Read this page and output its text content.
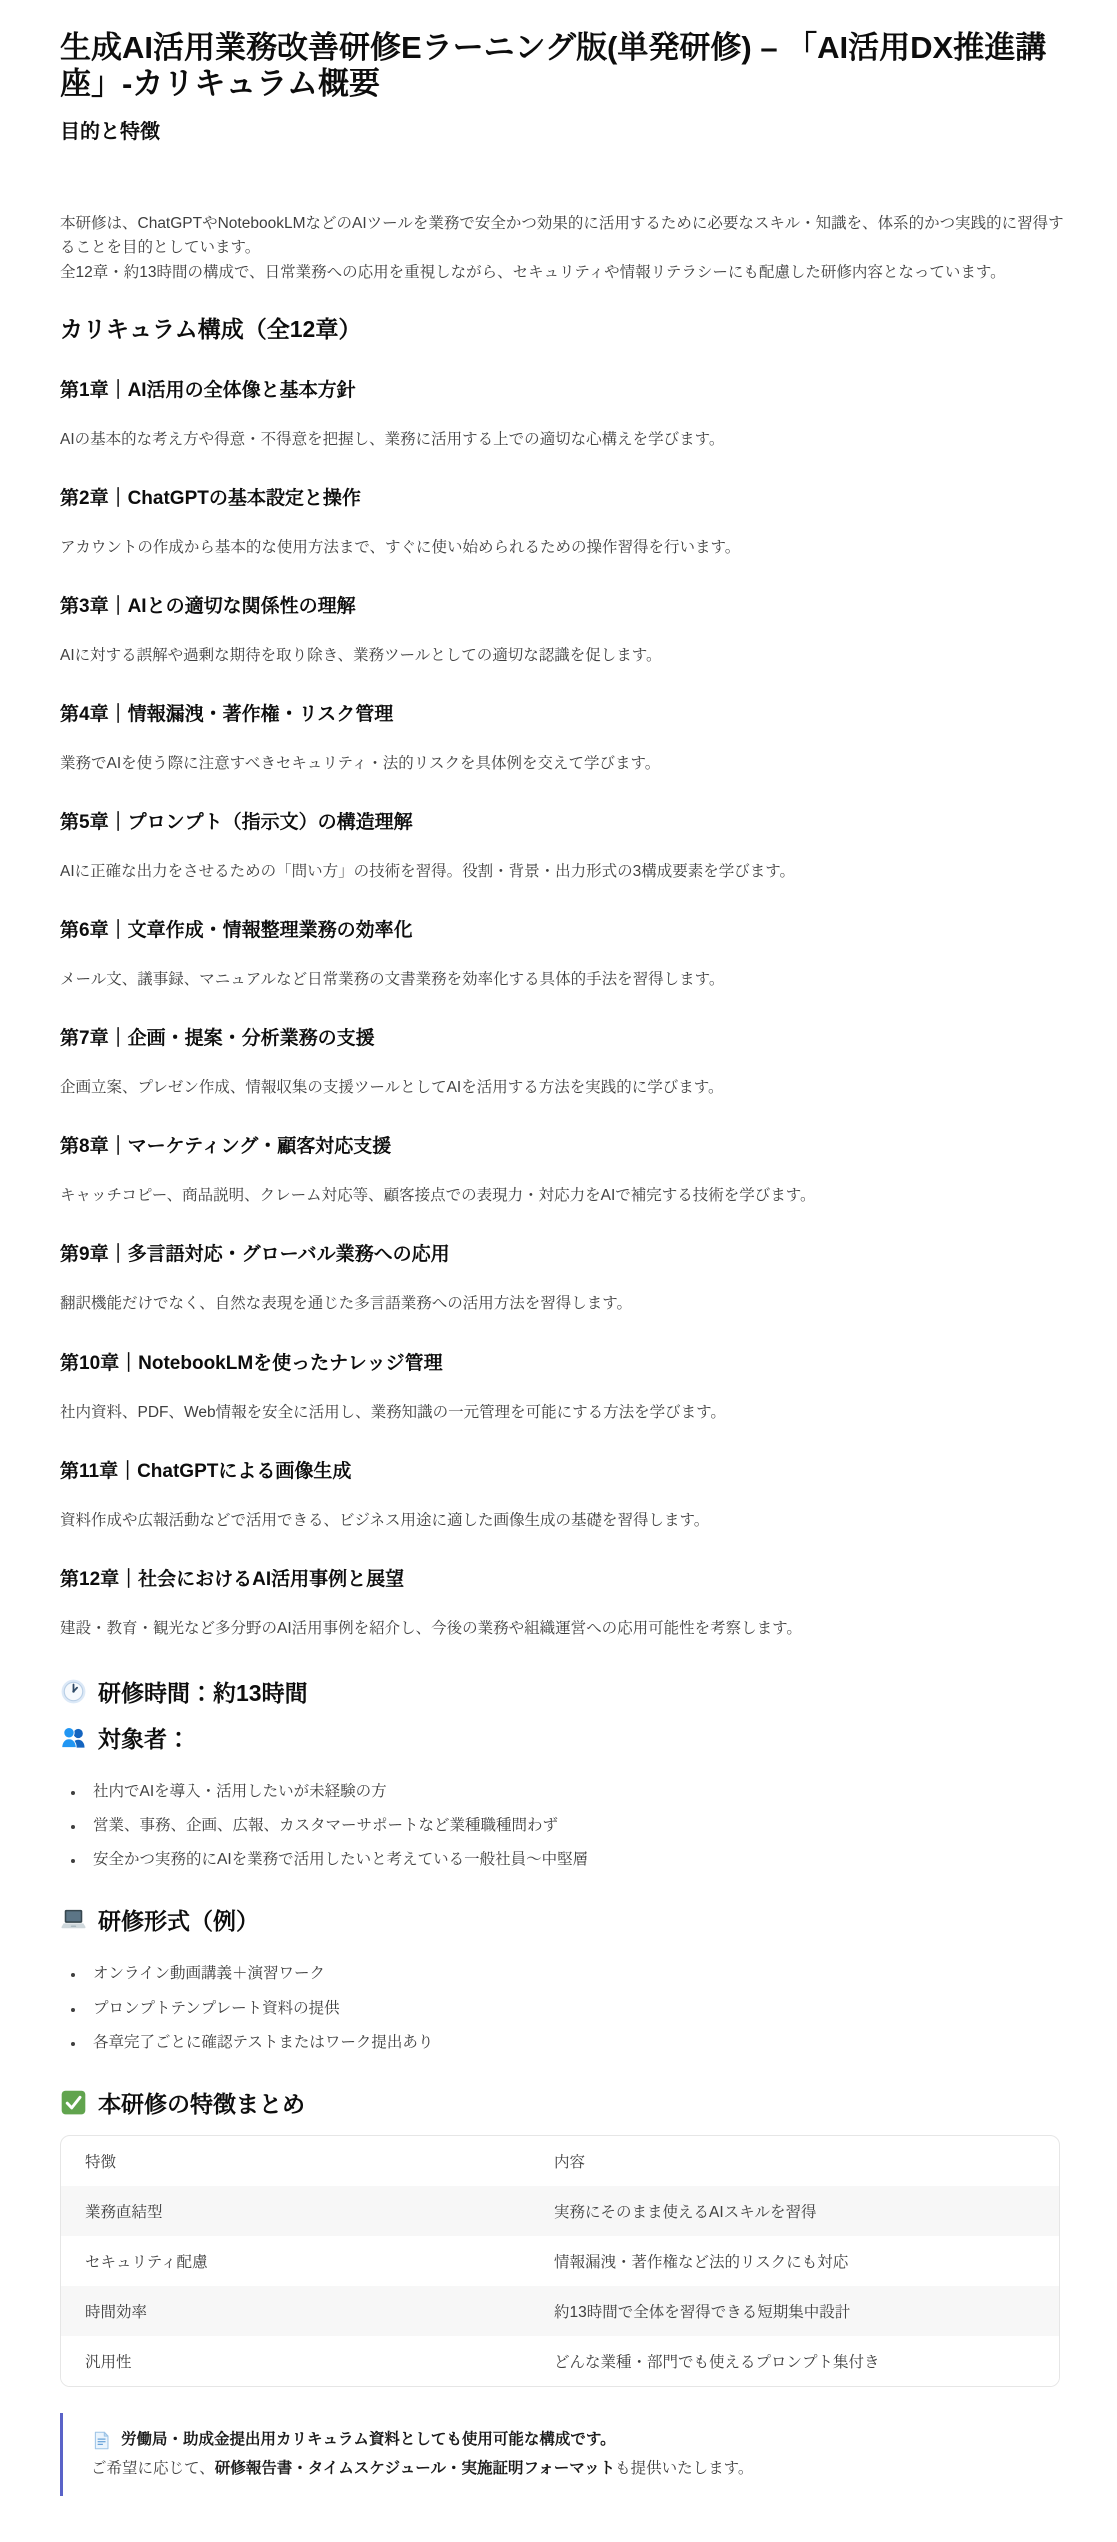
生成AI活用業務改善研修Eラーニング版(単発研修) – 「AI活用DX推進講座」-カリキュラム概要
目的と特徴
本研修は、ChatGPTやNotebookLMなどのAIツールを業務で安全かつ効果的に活用するために必要なスキル・知識を、体系的かつ実践的に習得することを目的としています。
全12章・約13時間の構成で、日常業務への応用を重視しながら、セキュリティや情報リテラシーにも配慮した研修内容となっています。
カリキュラム構成（全12章）
第1章｜AI活用の全体像と基本方針

AIの基本的な考え方や得意・不得意を把握し、業務に活用する上での適切な心構えを学びます。

第2章｜ChatGPTの基本設定と操作

アカウントの作成から基本的な使用方法まで、すぐに使い始められるための操作習得を行います。

第3章｜AIとの適切な関係性の理解

AIに対する誤解や過剰な期待を取り除き、業務ツールとしての適切な認識を促します。

第4章｜情報漏洩・著作権・リスク管理

業務でAIを使う際に注意すべきセキュリティ・法的リスクを具体例を交えて学びます。

第5章｜プロンプト（指示文）の構造理解

AIに正確な出力をさせるための「問い方」の技術を習得。役割・背景・出力形式の3構成要素を学びます。

第6章｜文章作成・情報整理業務の効率化

メール文、議事録、マニュアルなど日常業務の文書業務を効率化する具体的手法を習得します。

第7章｜企画・提案・分析業務の支援

企画立案、プレゼン作成、情報収集の支援ツールとしてAIを活用する方法を実践的に学びます。

第8章｜マーケティング・顧客対応支援

キャッチコピー、商品説明、クレーム対応等、顧客接点での表現力・対応力をAIで補完する技術を学びます。

第9章｜多言語対応・グローバル業務への応用

翻訳機能だけでなく、自然な表現を通じた多言語業務への活用方法を習得します。

第10章｜NotebookLMを使ったナレッジ管理

社内資料、PDF、Web情報を安全に活用し、業務知識の一元管理を可能にする方法を学びます。

第11章｜ChatGPTによる画像生成

資料作成や広報活動などで活用できる、ビジネス用途に適した画像生成の基礎を習得します。

第12章｜社会におけるAI活用事例と展望

建設・教育・観光など多分野のAI活用事例を紹介し、今後の業務や組織運営への応用可能性を考察します。

研修時間：約13時間
対象者：
• 社内でAIを導入・活用したいが未経験の方
• 営業、事務、企画、広報、カスタマーサポートなど業種職種問わず
• 安全かつ実務的にAIを業務で活用したいと考えている一般社員～中堅層
研修形式（例）
• オンライン動画講義＋演習ワーク
• プロンプトテンプレート資料の提供
• 各章完了ごとに確認テストまたはワーク提出あり
本研修の特徴まとめ
特徴	内容
業務直結型	実務にそのまま使えるAIスキルを習得
セキュリティ配慮	情報漏洩・著作権など法的リスクにも対応
時間効率	約13時間で全体を習得できる短期集中設計
汎用性	どんな業種・部門でも使えるプロンプト集付き
労働局・助成金提出用カリキュラム資料としても使用可能な構成です。
ご希望に応じて、研修報告書・タイムスケジュール・実施証明フォーマットも提供いたします。
